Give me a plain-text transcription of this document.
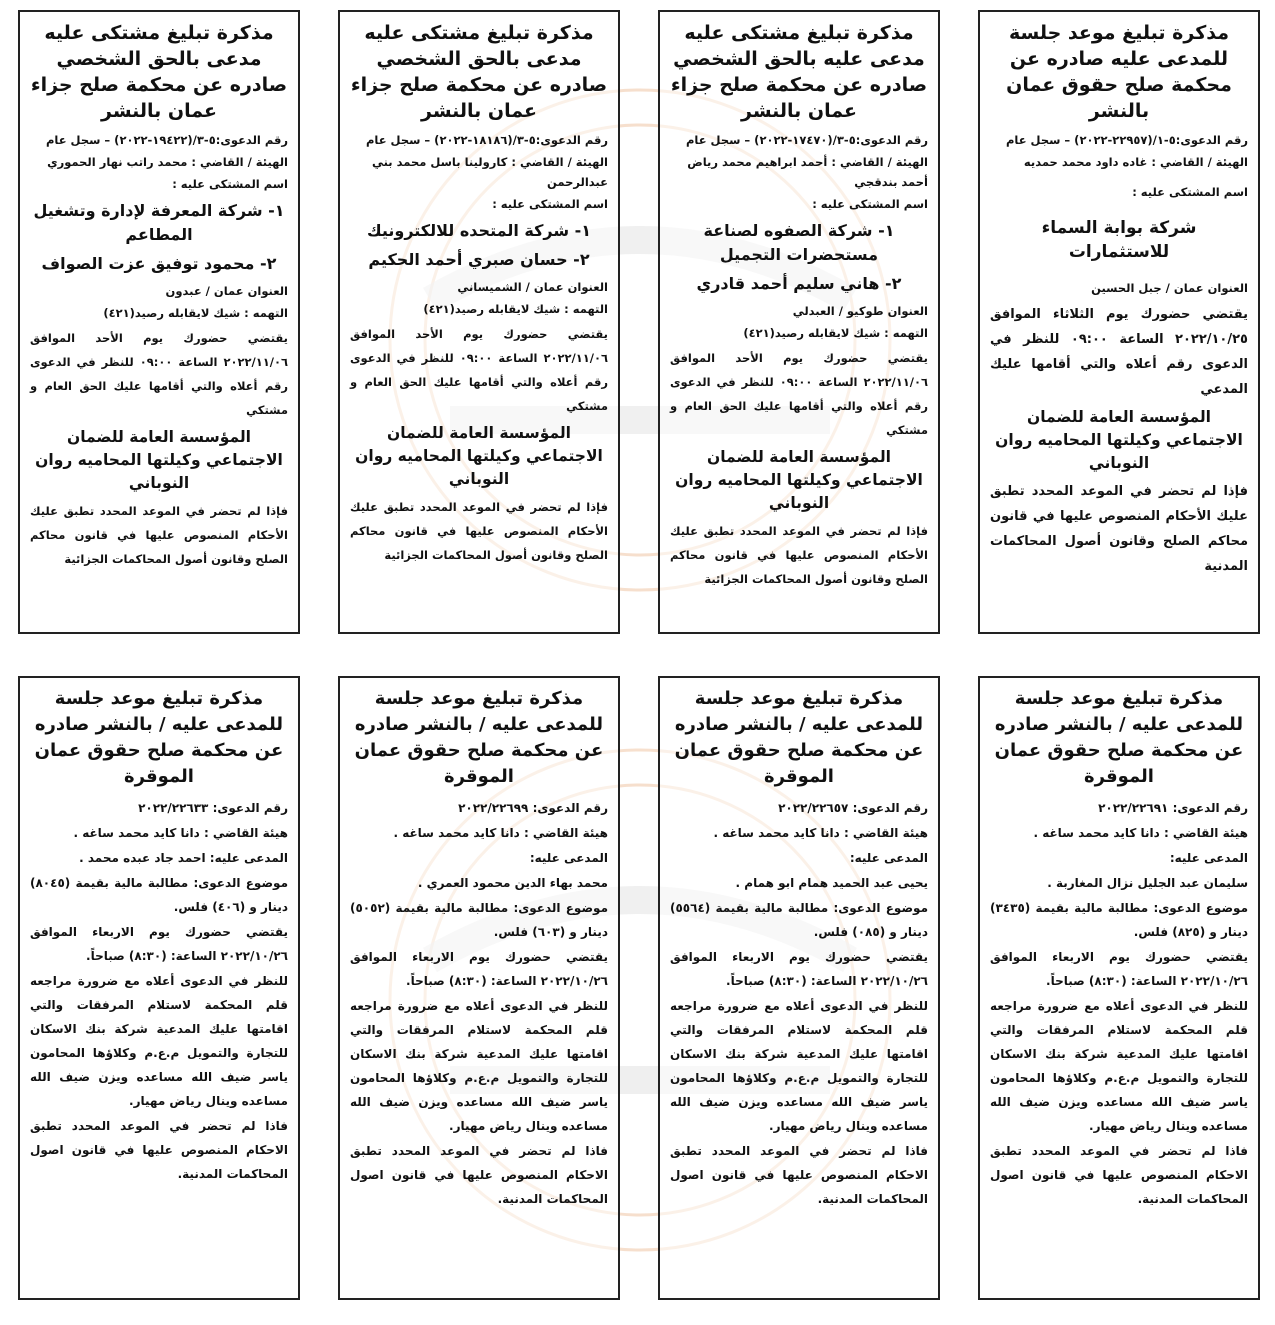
مذكرة تبليغ موعد جلسة للمدعى عليه صادره عن محكمة صلح حقوق عمان بالنشر
رقم الدعوى:٥-١/(٢٢٩٥٧-٢٠٢٢) – سجل عام
الهيئة / القاضي : غاده داود محمد حمديه
اسم المشتكى عليه :
شركة بوابة السماء للاستثمارات
العنوان عمان / جبل الحسين
يقتضي حضورك يوم الثلاثاء الموافق ٢٠٢٢/١٠/٢٥ الساعة ٠٩:٠٠ للنظر في الدعوى رقم أعلاه والتي أقامها عليك المدعي
المؤسسة العامة للضمان الاجتماعي وكيلتها المحاميه روان النوباني
فإذا لم تحضر في الموعد المحدد تطبق عليك الأحكام المنصوص عليها في قانون محاكم الصلح وقانون أصول المحاكمات المدنية
مذكرة تبليغ مشتكى عليه مدعى عليه بالحق الشخصي صادره عن محكمة صلح جزاء عمان بالنشر
رقم الدعوى:٥-٣/(١٧٤٧٠-٢٠٢٢) – سجل عام
الهيئة / القاضي : أحمد ابراهيم محمد رياض أحمد بندقجي
اسم المشتكى عليه :
١- شركة الصفوه لصناعة مستحضرات التجميل
٢- هاني سليم أحمد قادري
العنوان طوكيو / العبدلي
التهمه : شيك لايقابله رصيد(٤٢١)
يقتضي حضورك يوم الأحد الموافق ٢٠٢٢/١١/٠٦ الساعة ٠٩:٠٠ للنظر في الدعوى رقم أعلاه والتي أقامها عليك الحق العام و مشتكي
المؤسسة العامة للضمان الاجتماعي وكيلتها المحاميه روان النوباني
فإذا لم تحضر في الموعد المحدد تطبق عليك الأحكام المنصوص عليها في قانون محاكم الصلح وقانون أصول المحاكمات الجزائية
مذكرة تبليغ مشتكى عليه مدعى بالحق الشخصي صادره عن محكمة صلح جزاء عمان بالنشر
رقم الدعوى:٥-٣/(١٨١٨٦-٢٠٢٢) – سجل عام
الهيئة / القاضي : كارولينا باسل محمد بني عبدالرحمن
اسم المشتكى عليه :
١- شركة المتحده للالكترونيك
٢- حسان صبري أحمد الحكيم
العنوان عمان / الشميساني
التهمه : شيك لايقابله رصيد(٤٢١)
يقتضي حضورك يوم الأحد الموافق ٢٠٢٢/١١/٠٦ الساعة ٠٩:٠٠ للنظر في الدعوى رقم أعلاه والتي أقامها عليك الحق العام و مشتكي
المؤسسة العامة للضمان الاجتماعي وكيلتها المحاميه روان النوباني
فإذا لم تحضر في الموعد المحدد تطبق عليك الأحكام المنصوص عليها في قانون محاكم الصلح وقانون أصول المحاكمات الجزائية
مذكرة تبليغ مشتكى عليه مدعى بالحق الشخصي صادره عن محكمة صلح جزاء عمان بالنشر
رقم الدعوى:٥-٣/(١٩٤٢٢-٢٠٢٢) – سجل عام
الهيئة / القاضي : محمد راتب نهار الحموري
اسم المشتكى عليه :
١- شركة المعرفة لإدارة وتشغيل المطاعم
٢- محمود توفيق عزت الصواف
العنوان عمان / عبدون
التهمه : شيك لايقابله رصيد(٤٢١)
يقتضي حضورك يوم الأحد الموافق ٢٠٢٢/١١/٠٦ الساعة ٠٩:٠٠ للنظر في الدعوى رقم أعلاه والتي أقامها عليك الحق العام و مشتكي
المؤسسة العامة للضمان الاجتماعي وكيلتها المحاميه روان النوباني
فإذا لم تحضر في الموعد المحدد تطبق عليك الأحكام المنصوص عليها في قانون محاكم الصلح وقانون أصول المحاكمات الجزائية
مذكرة تبليغ موعد جلسة للمدعى عليه / بالنشر صادره عن محكمة صلح حقوق عمان الموقرة
رقم الدعوى: ٢٠٢٢/٢٢٦٩١
هيئة القاضي : دانا كايد محمد ساغه .
المدعى عليه:
سليمان عبد الجليل نزال المغاربة .
موضوع الدعوى: مطالبة مالية بقيمة (٣٤٣٥) دينار و (٨٢٥) فلس.
يقتضي حضورك يوم الاربعاء الموافق ٢٠٢٢/١٠/٢٦ الساعة: (٨:٣٠) صباحاً.
للنظر في الدعوى أعلاه مع ضرورة مراجعه قلم المحكمة لاستلام المرفقات والتي اقامتها عليك المدعية شركة بنك الاسكان للتجارة والتمويل م.ع.م وكلاؤها المحامون ياسر ضيف الله مساعده ويزن ضيف الله مساعده وينال رياض مهيار.
فاذا لم تحضر في الموعد المحدد تطبق الاحكام المنصوص عليها في قانون اصول المحاكمات المدنية.
مذكرة تبليغ موعد جلسة للمدعى عليه / بالنشر صادره عن محكمة صلح حقوق عمان الموقرة
رقم الدعوى: ٢٠٢٢/٢٢٦٥٧
هيئة القاضي : دانا كايد محمد ساغه .
المدعى عليه:
يحيى عبد الحميد همام ابو همام .
موضوع الدعوى: مطالبة مالية بقيمة (٥٥٦٤) دينار و (٠٨٥) فلس.
يقتضي حضورك يوم الاربعاء الموافق ٢٠٢٢/١٠/٢٦ الساعة: (٨:٣٠) صباحاً.
للنظر في الدعوى أعلاه مع ضرورة مراجعه قلم المحكمة لاستلام المرفقات والتي اقامتها عليك المدعية شركة بنك الاسكان للتجارة والتمويل م.ع.م وكلاؤها المحامون ياسر ضيف الله مساعده ويزن ضيف الله مساعده وينال رياض مهيار.
فاذا لم تحضر في الموعد المحدد تطبق الاحكام المنصوص عليها في قانون اصول المحاكمات المدنية.
مذكرة تبليغ موعد جلسة للمدعى عليه / بالنشر صادره عن محكمة صلح حقوق عمان الموقرة
رقم الدعوى: ٢٠٢٢/٢٢٦٩٩
هيئة القاضي : دانا كايد محمد ساغه .
المدعى عليه:
محمد بهاء الدين محمود العمري .
موضوع الدعوى: مطالبة مالية بقيمة (٥٠٥٢) دينار و (٦٠٣) فلس.
يقتضي حضورك يوم الاربعاء الموافق ٢٠٢٢/١٠/٢٦ الساعة: (٨:٣٠) صباحاً.
للنظر في الدعوى أعلاه مع ضرورة مراجعه قلم المحكمة لاستلام المرفقات والتي اقامتها عليك المدعية شركة بنك الاسكان للتجارة والتمويل م.ع.م وكلاؤها المحامون ياسر ضيف الله مساعده ويزن ضيف الله مساعده وينال رياض مهيار.
فاذا لم تحضر في الموعد المحدد تطبق الاحكام المنصوص عليها في قانون اصول المحاكمات المدنية.
مذكرة تبليغ موعد جلسة للمدعى عليه / بالنشر صادره عن محكمة صلح حقوق عمان الموقرة
رقم الدعوى: ٢٠٢٢/٢٢٦٣٣
هيئة القاضي : دانا كايد محمد ساغه .
المدعى عليه: احمد جاد عبده محمد .
موضوع الدعوى: مطالبة مالية بقيمة (٨٠٤٥) دينار و (٤٠٦) فلس.
يقتضي حضورك يوم الاربعاء الموافق ٢٠٢٢/١٠/٢٦ الساعة: (٨:٣٠) صباحاً.
للنظر في الدعوى أعلاه مع ضرورة مراجعه قلم المحكمة لاستلام المرفقات والتي اقامتها عليك المدعية شركة بنك الاسكان للتجارة والتمويل م.ع.م وكلاؤها المحامون ياسر ضيف الله مساعده ويزن ضيف الله مساعده وينال رياض مهيار.
فاذا لم تحضر في الموعد المحدد تطبق الاحكام المنصوص عليها في قانون اصول المحاكمات المدنية.
